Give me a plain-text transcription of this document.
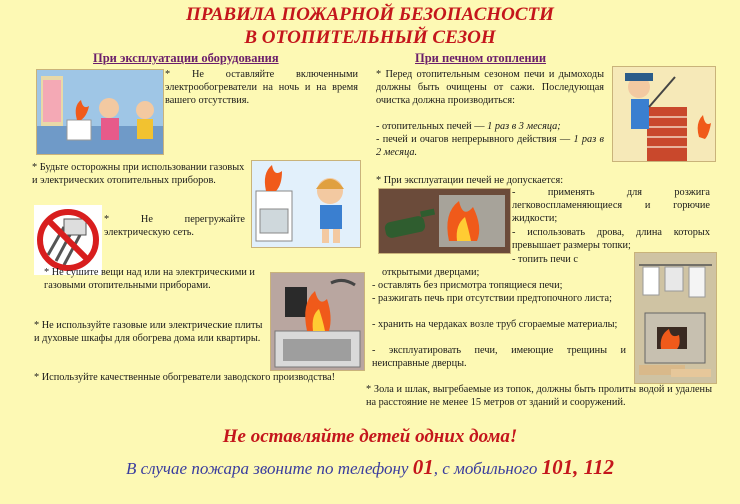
ПРАВИЛА ПОЖАРНОЙ БЕЗОПАСНОСТИ
В ОТОПИТЕЛЬНЫЙ СЕЗОН
При эксплуатации оборудования	При печном отоплении
* Не оставляйте включенными электрообогреватели на ночь и на время вашего отсутствия.
* Будьте осторожны при использовании газовых и электрических отопительных приборов.
* Не перегружайте электрическую сеть.
* Не сушите вещи над или на электрическими и газовыми отопительными приборами.
* Не используйте газовые или электрические плиты и духовые шкафы для обогрева дома или квартиры.
* Используйте качественные обогреватели заводского производства!
* Перед отопительным сезоном печи и дымоходы должны быть очищены от сажи. Последующая очистка должна производиться:
- отопительных печей — 1 раз в 3 месяца;
- печей и очагов непрерывного действия — 1 раз в 2 месяца.
* При эксплуатации печей не допускается:
- применять для розжига легковоспламеняющиеся и горючие жидкости;
- использовать дрова, длина которых превышает размеры топки;
- топить печи с
открытыми дверцами;
- оставлять без присмотра топящиеся печи;
- разжигать печь при отсутствии предтопочного листа;
- хранить на чердаках возле труб сгораемые материалы;
- эксплуатировать печи, имеющие трещины и неисправные дверцы.
* Зола и шлак, выгребаемые из топок, должны быть пролиты водой и удалены на расстояние не менее 15 метров от зданий и сооружений.
Не оставляйте детей одних дома!
В случае пожара звоните по телефону 01, с мобильного 101, 112
